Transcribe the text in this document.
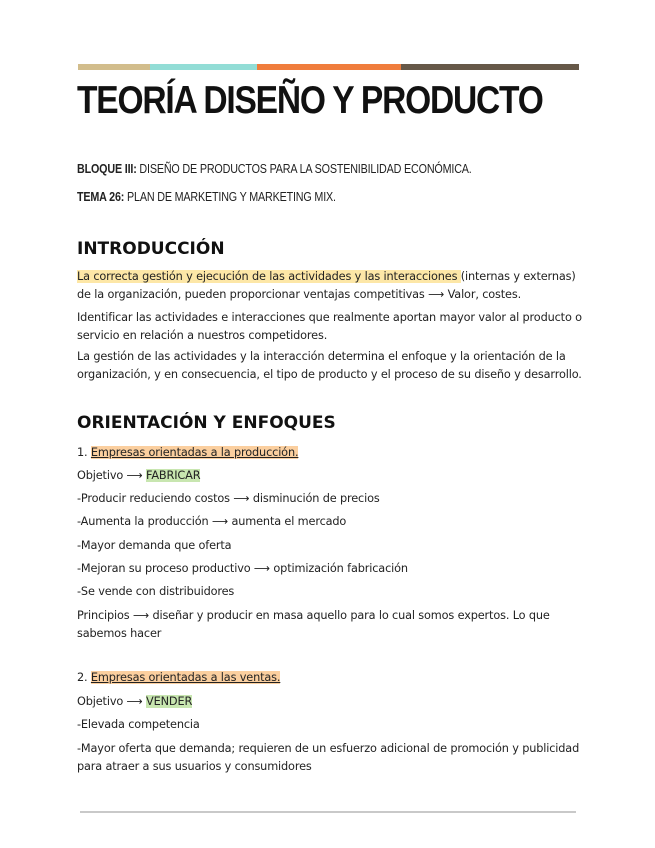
TEORÍA DISEÑO Y PRODUCTO
BLOQUE III: DISEÑO DE PRODUCTOS PARA LA SOSTENIBILIDAD ECONÓMICA.
TEMA 26: PLAN DE MARKETING Y MARKETING MIX.
INTRODUCCIÓN

La correcta gestión y ejecución de las actividades y las interacciones (internas y externas) de la organización, pueden proporcionar ventajas competitivas ⟶ Valor, costes.

Identificar las actividades e interacciones que realmente aportan mayor valor al producto o servicio en relación a nuestros competidores.

La gestión de las actividades y la interacción determina el enfoque y la orientación de la organización, y en consecuencia, el tipo de producto y el proceso de su diseño y desarrollo.

ORIENTACIÓN Y ENFOQUES

1. Empresas orientadas a la producción.

Objetivo ⟶ FABRICAR

-Producir reduciendo costos ⟶ disminución de precios

-Aumenta la producción ⟶ aumenta el mercado

-Mayor demanda que oferta

-Mejoran su proceso productivo ⟶ optimización fabricación

-Se vende con distribuidores

Principios ⟶ diseñar y producir en masa aquello para lo cual somos expertos. Lo que sabemos hacer

2. Empresas orientadas a las ventas.

Objetivo ⟶ VENDER

-Elevada competencia

-Mayor oferta que demanda; requieren de un esfuerzo adicional de promoción y publicidad para atraer a sus usuarios y consumidores
